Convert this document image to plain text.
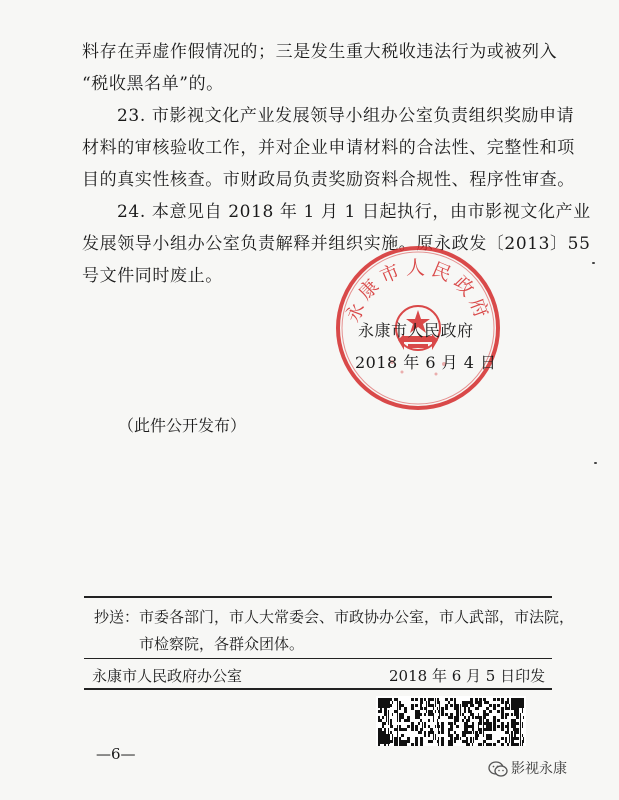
料存在弄虚作假情况的；三是发生重大税收违法行为或被列入
“税收黑名单”的。
23. 市影视文化产业发展领导小组办公室负责组织奖励申请
材料的审核验收工作，并对企业申请材料的合法性、完整性和项
目的真实性核查。市财政局负责奖励资料合规性、程序性审查。
24. 本意见自 2018 年 1 月 1 日起执行，由市影视文化产业
发展领导小组办公室负责解释并组织实施。原永政发〔2013〕55
号文件同时废止。
永康市人民政府
永康市人民政府
2018 年 6 月 4 日
（此件公开发布）
抄送：市委各部门，市人大常委会、市政协办公室，市人武部，市法院，
市检察院，各群众团体。
永康市人民政府办公室	2018 年 6 月 5 日印发
—6—
影视永康
